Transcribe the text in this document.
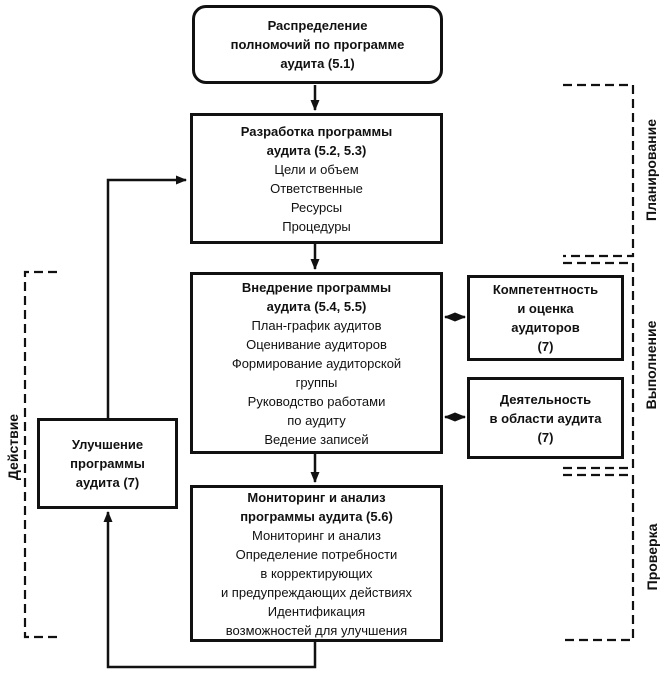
Распределение
полномочий по программе
аудита (5.1)
Разработка программы
аудита (5.2, 5.3)
Цели и объем
Ответственные
Ресурсы
Процедуры
Внедрение программы
аудита (5.4, 5.5)
План-график аудитов
Оценивание аудиторов
Формирование аудиторской
группы
Руководство работами
по аудиту
Ведение записей
Мониторинг и анализ
программы аудита (5.6)
Мониторинг и анализ
Определение потребности
в корректирующих
и предупреждающих действиях
Идентификация
возможностей для улучшения
Улучшение
программы
аудита (7)
Компетентность
и оценка
аудиторов
(7)
Деятельность
в области аудита
(7)
Планирование
Выполнение
Проверка
Действие
